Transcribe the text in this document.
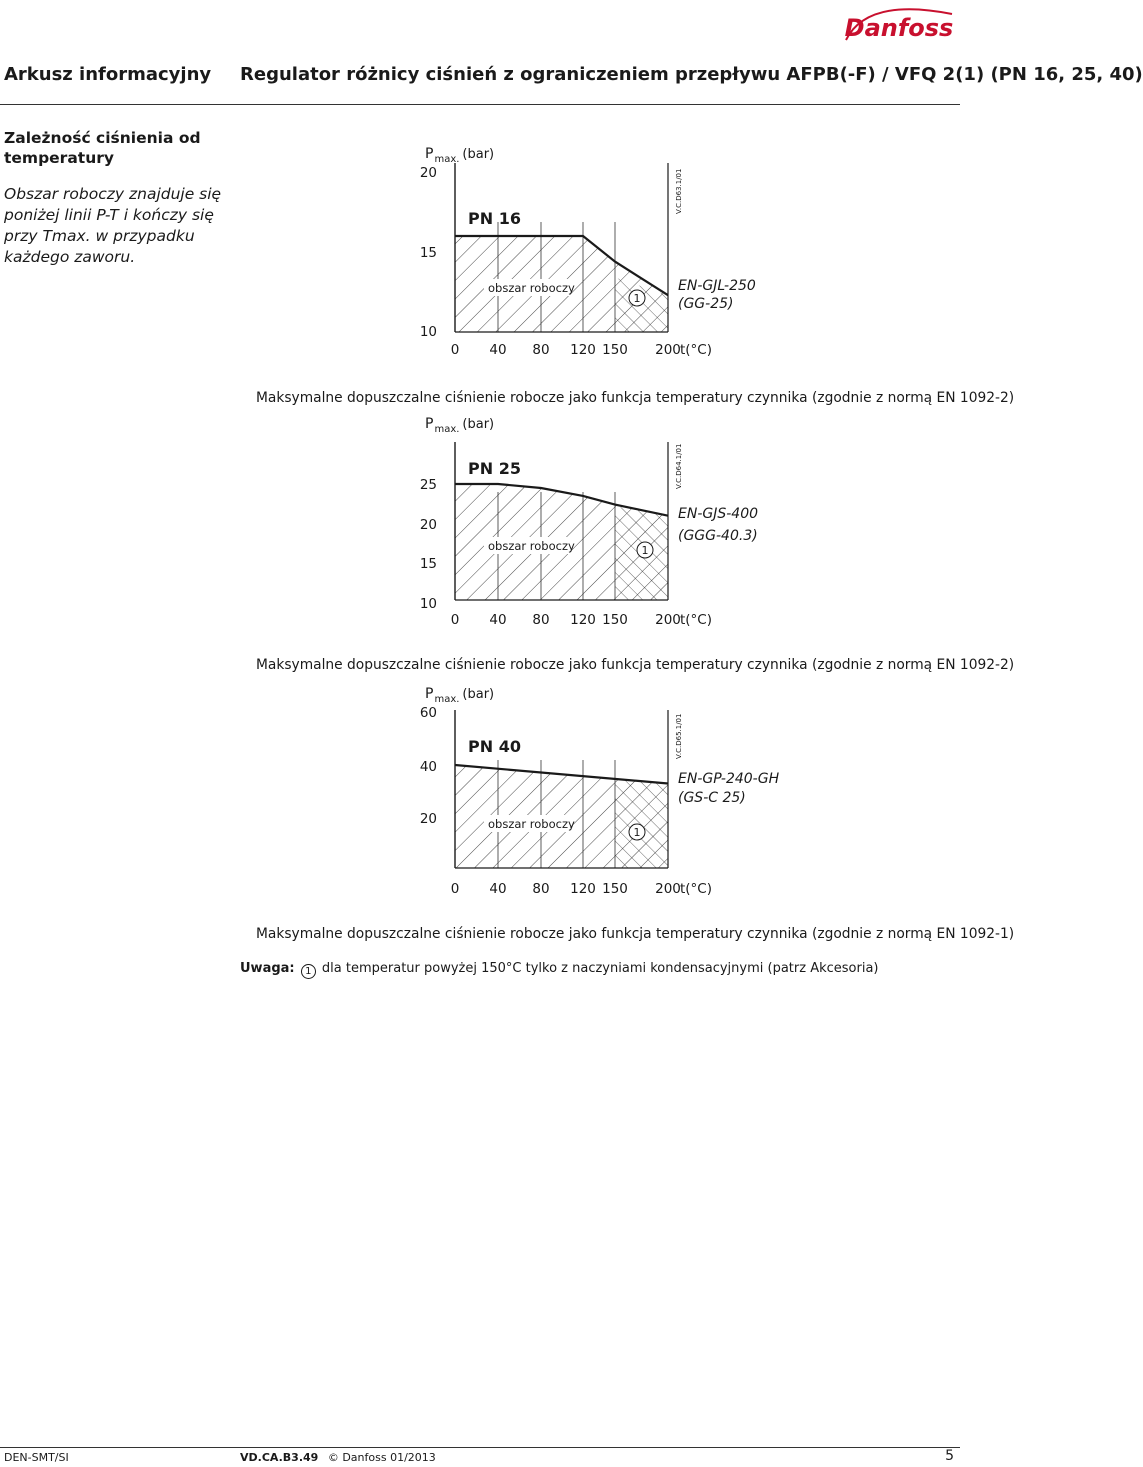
Danfoss
Arkusz informacyjny Regulator różnicy ciśnień z ograniczeniem przepływu AFPB(-F) / VFQ 2(1) (PN 16, 25, 40)
Zależność ciśnienia od temperatury
Obszar roboczy znajduje się poniżej linii P-T i kończy się przy Tmax. w przypadku każdego zaworu.
$P_{max.}$ (bar)
20
15
10
0 40 80 120 150 200 t(°C)
PN 16
obszar roboczy
1
EN-GJL-250
(GG-25)
V.C.D63.1/01
Maksymalne dopuszczalne ciśnienie robocze jako funkcja temperatury czynnika (zgodnie z normą EN 1092-2)
$P_{max.}$ (bar)
25
20
15
10
0 40 80 120 150 200 t(°C)
PN 25
obszar roboczy	1
EN-GJS-400
(GGG-40.3)
V.C.D64.1/01
Maksymalne dopuszczalne ciśnienie robocze jako funkcja temperatury czynnika (zgodnie z normą EN 1092-2)
$P_{max.}$ (bar)
60
40
20
0 40 80 120 150 200 t(°C)
PN 40
obszar roboczy
1
EN-GP-240-GH
(GS-C 25)
V.C.D65.1/01
Maksymalne dopuszczalne ciśnienie robocze jako funkcja temperatury czynnika (zgodnie z normą EN 1092-1)
Uwaga: 1 dla temperatur powyżej 150°C tylko z naczyniami kondensacyjnymi (patrz Akcesoria)
DEN-SMT/SI	VD.CA.B3.49 © Danfoss 01/2013	5
